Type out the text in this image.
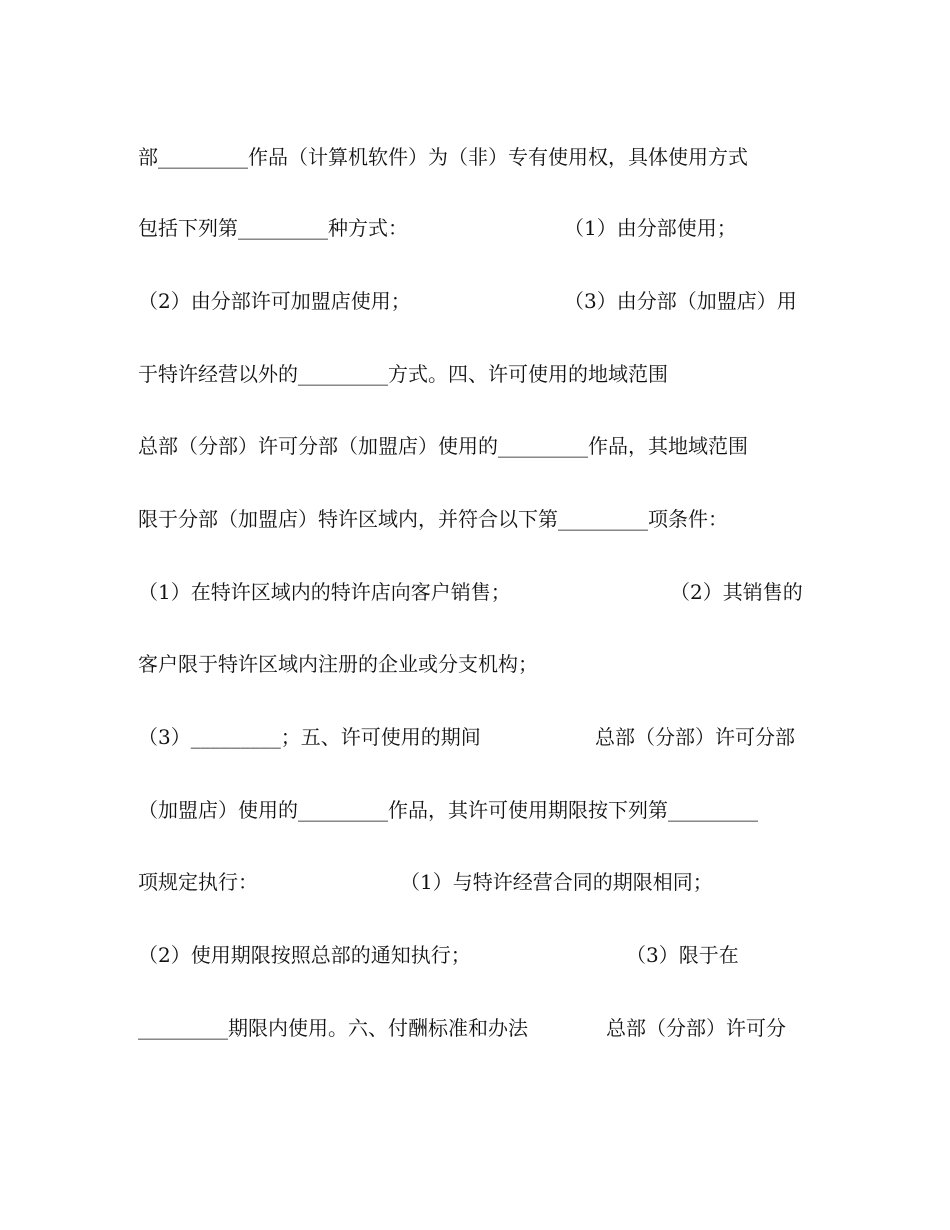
部_________作品（计算机软件）为（非）专有使用权，具体使用方式

包括下列第_________种方式：

	（1）由分部使用；

（2）由分部许可加盟店使用；

	（3）由分部（加盟店）用

于特许经营以外的_________方式。四、许可使用的地域范围

总部（分部）许可分部（加盟店）使用的_________作品，其地域范围

限于分部（加盟店）特许区域内，并符合以下第_________项条件：

（1）在特许区域内的特许店向客户销售；

	（2）其销售的

客户限于特许区域内注册的企业或分支机构；

（3）_________；五、许可使用的期间

	总部（分部）许可分部

（加盟店）使用的_________作品，其许可使用期限按下列第_________

项规定执行：

	（1）与特许经营合同的期限相同；

（2）使用期限按照总部的通知执行；

	（3）限于在

_________期限内使用。六、付酬标准和办法

	总部（分部）许可分
